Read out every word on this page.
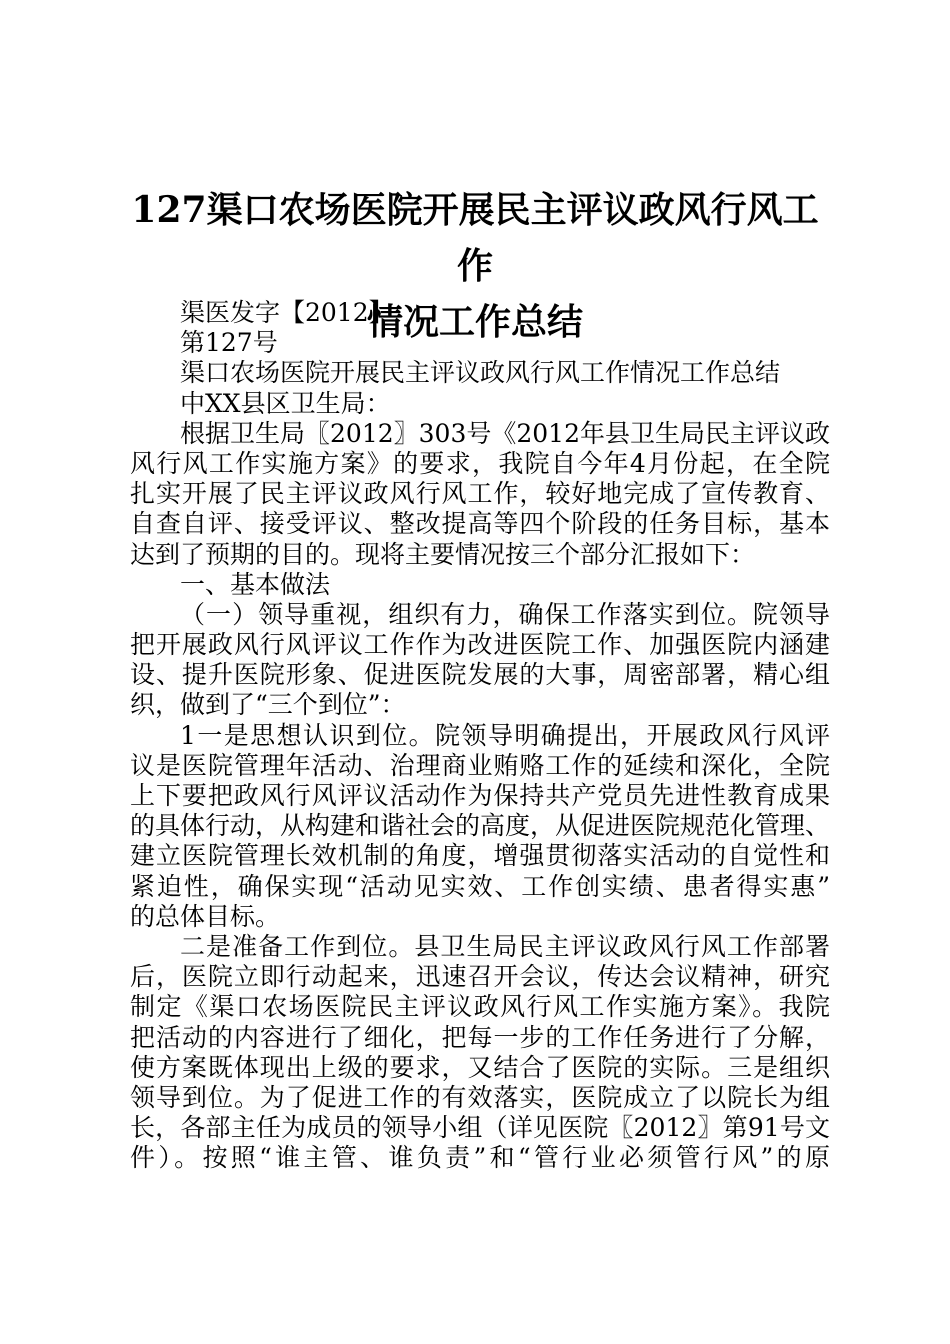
127渠口农场医院开展民主评议政风行风工作
情况工作总结
渠医发字【2012】
第127号
渠口农场医院开展民主评议政风行风工作情况工作总结
中XX县区卫生局：
根据卫生局〖2012〗303号《2012年县卫生局民主评议政
风行风工作实施方案》的要求，我院自今年4月份起，在全院
扎实开展了民主评议政风行风工作，较好地完成了宣传教育、
自查自评、接受评议、整改提高等四个阶段的任务目标，基本
达到了预期的目的。现将主要情况按三个部分汇报如下：
一、基本做法
（一）领导重视，组织有力，确保工作落实到位。院领导
把开展政风行风评议工作作为改进医院工作、加强医院内涵建
设、提升医院形象、促进医院发展的大事，周密部署，精心组
织，做到了“三个到位”：
1一是思想认识到位。院领导明确提出，开展政风行风评
议是医院管理年活动、治理商业贿赂工作的延续和深化，全院
上下要把政风行风评议活动作为保持共产党员先进性教育成果
的具体行动，从构建和谐社会的高度，从促进医院规范化管理、
建立医院管理长效机制的角度，增强贯彻落实活动的自觉性和
紧迫性，确保实现“活动见实效、工作创实绩、患者得实惠”
的总体目标。
二是准备工作到位。县卫生局民主评议政风行风工作部署
后，医院立即行动起来，迅速召开会议，传达会议精神，研究
制定《渠口农场医院民主评议政风行风工作实施方案》。我院
把活动的内容进行了细化，把每一步的工作任务进行了分解，
使方案既体现出上级的要求，又结合了医院的实际。三是组织
领导到位。为了促进工作的有效落实，医院成立了以院长为组
长，各部主任为成员的领导小组（详见医院〖2012〗第91号文
件）。按照“谁主管、谁负责”和“管行业必须管行风”的原
